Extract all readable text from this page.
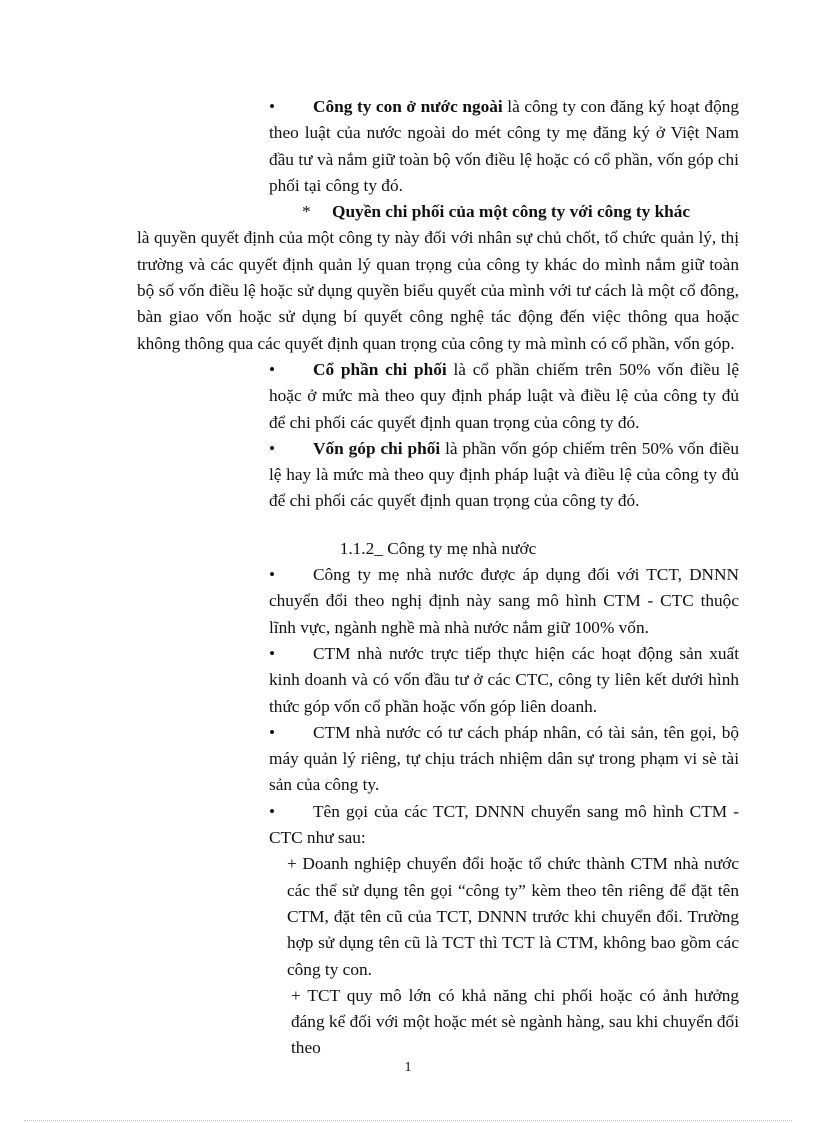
•Công ty con ở nước ngoài là công ty con đăng ký hoạt động theo luật của nước ngoài do mét công ty mẹ đăng ký ở Việt Nam đầu tư và nắm giữ toàn bộ vốn điều lệ hoặc có cổ phần, vốn góp chi phối tại công ty đó.

* Quyền chi phối của một công ty với công ty khác

là quyền quyết định của một công ty này đối với nhân sự chủ chốt, tổ chức quản lý, thị trường và các quyết định quản lý quan trọng của công ty khác do mình nắm giữ toàn bộ số vốn điều lệ hoặc sử dụng quyền biểu quyết của mình với tư cách là một cổ đông, bàn giao vốn hoặc sử dụng bí quyết công nghệ tác động đến việc thông qua hoặc không thông qua các quyết định quan trọng của công ty mà mình có cổ phần, vốn góp.

•Cổ phần chi phối là cổ phần chiếm trên 50% vốn điều lệ hoặc ở mức mà theo quy định pháp luật và điều lệ của công ty đủ để chi phối các quyết định quan trọng của công ty đó.

•Vốn góp chi phối là phần vốn góp chiếm trên 50% vốn điều lệ hay là mức mà theo quy định pháp luật và điều lệ của công ty đủ để chi phối các quyết định quan trọng của công ty đó.

1.1.2_ Công ty mẹ nhà nước

•Công ty mẹ nhà nước được áp dụng đối với TCT, DNNN chuyển đổi theo nghị định này sang mô hình CTM - CTC thuộc lĩnh vực, ngành nghề mà nhà nước nắm giữ 100% vốn.

•CTM nhà nước trực tiếp thực hiện các hoạt động sản xuất kinh doanh và có vốn đầu tư ở các CTC, công ty liên kết dưới hình thức góp vốn cổ phần hoặc vốn góp liên doanh.

•CTM nhà nước có tư cách pháp nhân, có tài sản, tên gọi, bộ máy quản lý riêng, tự chịu trách nhiệm dân sự trong phạm vi sè tài sản của công ty.

•Tên gọi của các TCT, DNNN chuyển sang mô hình CTM - CTC như sau:

+ Doanh nghiệp chuyển đổi hoặc tổ chức thành CTM nhà nước các thể sử dụng tên gọi “công ty” kèm theo tên riêng để đặt tên CTM, đặt tên cũ của TCT, DNNN trước khi chuyển đổi. Trường hợp sử dụng tên cũ là TCT thì TCT là CTM, không bao gồm các công ty con.

+ TCT quy mô lớn có khả năng chi phối hoặc có ảnh hưởng đáng kể đối với một hoặc mét sè ngành hàng, sau khi chuyển đổi theo

1
